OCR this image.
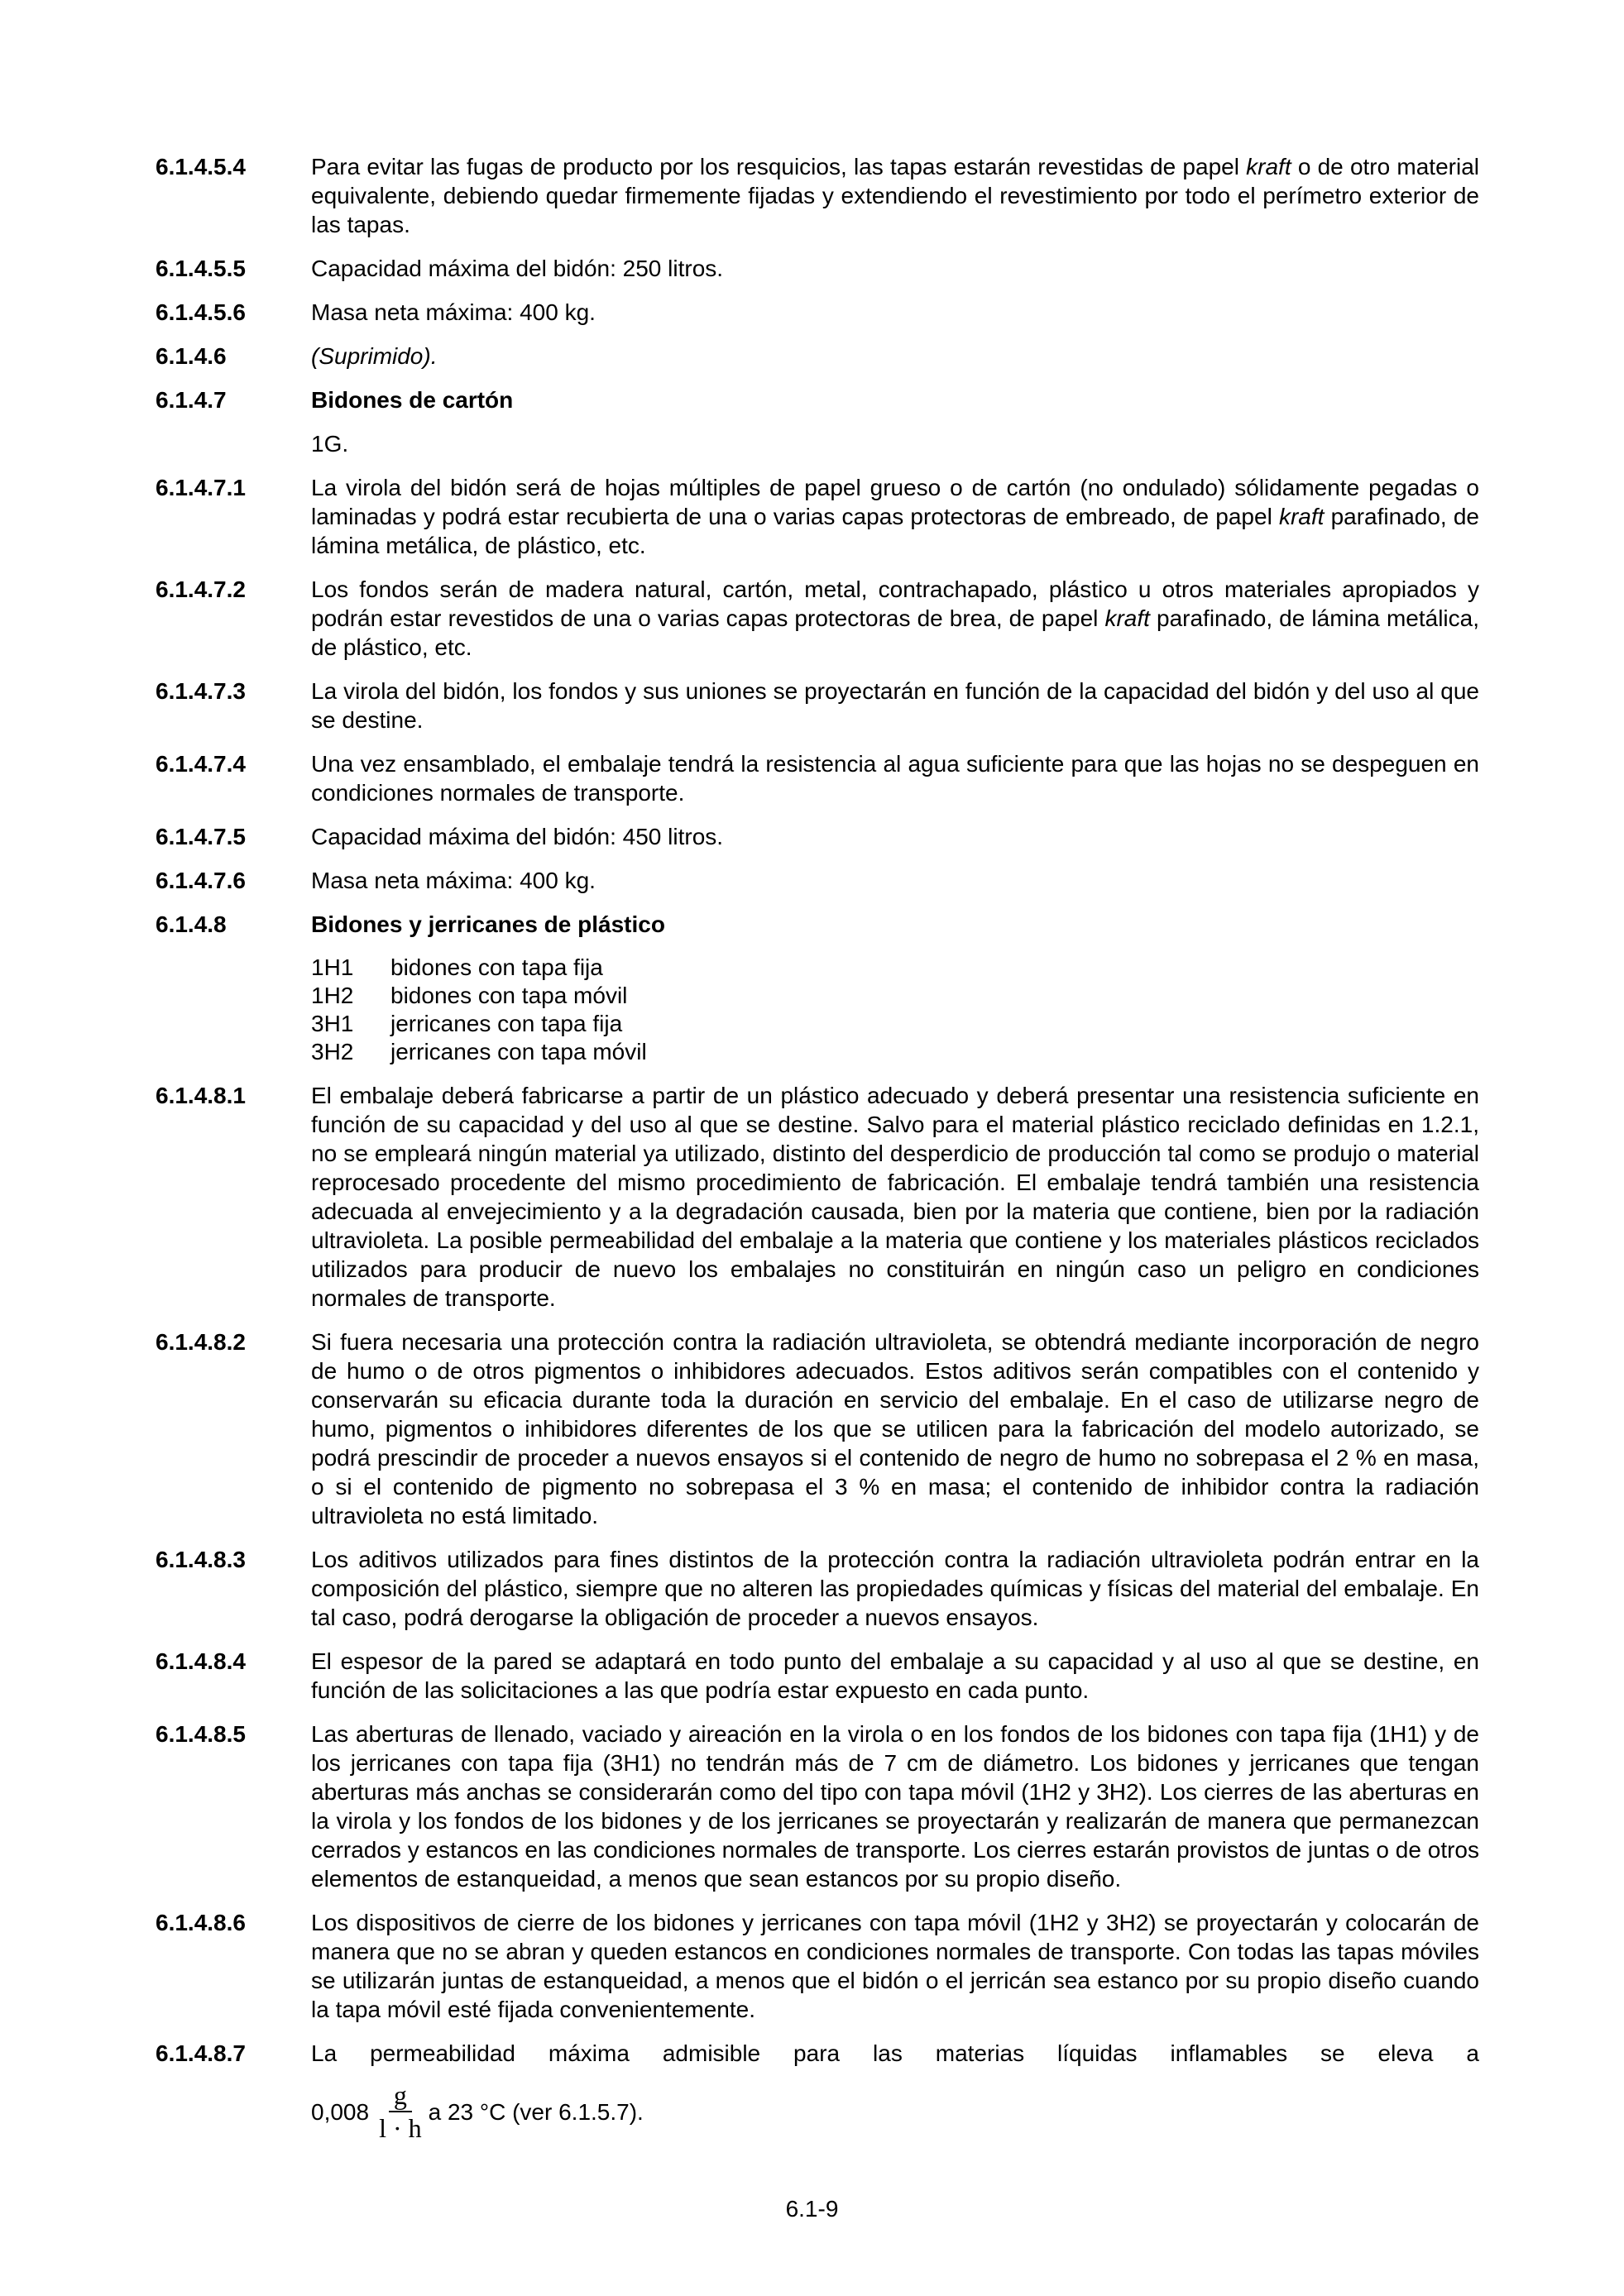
6.1.4.5.4	Para evitar las fugas de producto por los resquicios, las tapas estarán revestidas de papel kraft o de otro material equivalente, debiendo quedar firmemente fijadas y extendiendo el revestimiento por todo el perímetro exterior de las tapas.
6.1.4.5.5	Capacidad máxima del bidón: 250 litros.
6.1.4.5.6	Masa neta máxima: 400 kg.
6.1.4.6	(Suprimido).
6.1.4.7	Bidones de cartón
1G.
6.1.4.7.1	La virola del bidón será de hojas múltiples de papel grueso o de cartón (no ondulado) sólidamente pegadas o laminadas y podrá estar recubierta de una o varias capas protectoras de embreado, de papel kraft parafinado, de lámina metálica, de plástico, etc.
6.1.4.7.2	Los fondos serán de madera natural, cartón, metal, contrachapado, plástico u otros materiales apropiados y podrán estar revestidos de una o varias capas protectoras de brea, de papel kraft parafinado, de lámina metálica, de plástico, etc.
6.1.4.7.3	La virola del bidón, los fondos y sus uniones se proyectarán en función de la capacidad del bidón y del uso al que se destine.
6.1.4.7.4	Una vez ensamblado, el embalaje tendrá la resistencia al agua suficiente para que las hojas no se despeguen en condiciones normales de transporte.
6.1.4.7.5	Capacidad máxima del bidón: 450 litros.
6.1.4.7.6	Masa neta máxima: 400 kg.
6.1.4.8	Bidones y jerricanes de plástico
1H1	bidones con tapa fija
1H2	bidones con tapa móvil
3H1	jerricanes con tapa fija
3H2	jerricanes con tapa móvil
6.1.4.8.1	El embalaje deberá fabricarse a partir de un plástico adecuado y deberá presentar una resistencia suficiente en función de su capacidad y del uso al que se destine. Salvo para el material plástico reciclado definidas en 1.2.1, no se empleará ningún material ya utilizado, distinto del desperdicio de producción tal como se produjo o material reprocesado procedente del mismo procedimiento de fabricación. El embalaje tendrá también una resistencia adecuada al envejecimiento y a la degradación causada, bien por la materia que contiene, bien por la radiación ultravioleta. La posible permeabilidad del embalaje a la materia que contiene y los materiales plásticos reciclados utilizados para producir de nuevo los embalajes no constituirán en ningún caso un peligro en condiciones normales de transporte.
6.1.4.8.2	Si fuera necesaria una protección contra la radiación ultravioleta, se obtendrá mediante incorporación de negro de humo o de otros pigmentos o inhibidores adecuados. Estos aditivos serán compatibles con el contenido y conservarán su eficacia durante toda la duración en servicio del embalaje. En el caso de utilizarse negro de humo, pigmentos o inhibidores diferentes de los que se utilicen para la fabricación del modelo autorizado, se podrá prescindir de proceder a nuevos ensayos si el contenido de negro de humo no sobrepasa el 2 % en masa, o si el contenido de pigmento no sobrepasa el 3 % en masa; el contenido de inhibidor contra la radiación ultravioleta no está limitado.
6.1.4.8.3	Los aditivos utilizados para fines distintos de la protección contra la radiación ultravioleta podrán entrar en la composición del plástico, siempre que no alteren las propiedades químicas y físicas del material del embalaje. En tal caso, podrá derogarse la obligación de proceder a nuevos ensayos.
6.1.4.8.4	El espesor de la pared se adaptará en todo punto del embalaje a su capacidad y al uso al que se destine, en función de las solicitaciones a las que podría estar expuesto en cada punto.
6.1.4.8.5	Las aberturas de llenado, vaciado y aireación en la virola o en los fondos de los bidones con tapa fija (1H1) y de los jerricanes con tapa fija (3H1) no tendrán más de 7 cm de diámetro. Los bidones y jerricanes que tengan aberturas más anchas se considerarán como del tipo con tapa móvil (1H2 y 3H2). Los cierres de las aberturas en la virola y los fondos de los bidones y de los jerricanes se proyectarán y realizarán de manera que permanezcan cerrados y estancos en las condiciones normales de transporte. Los cierres estarán provistos de juntas o de otros elementos de estanqueidad, a menos que sean estancos por su propio diseño.
6.1.4.8.6	Los dispositivos de cierre de los bidones y jerricanes con tapa móvil (1H2 y 3H2) se proyectarán y colocarán de manera que no se abran y queden estancos en condiciones normales de transporte. Con todas las tapas móviles se utilizarán juntas de estanqueidad, a menos que el bidón o el jerricán sea estanco por su propio diseño cuando la tapa móvil esté fijada convenientemente.
6.1.4.8.7	La permeabilidad máxima admisible para las materias líquidas inflamables se eleva a
$0,008 \frac{g}{l \cdot h}$ a 23 °C (ver 6.1.5.7).
6.1-9
